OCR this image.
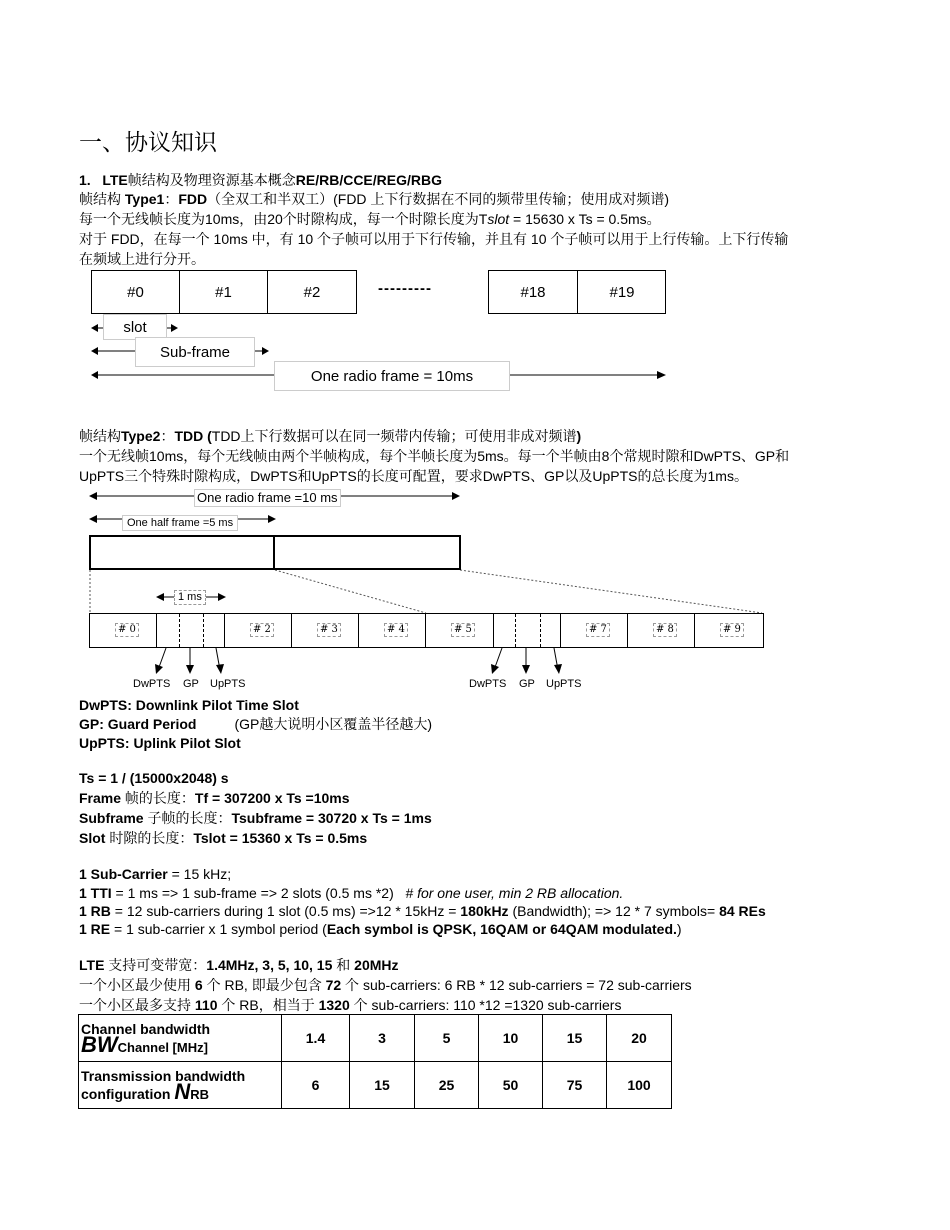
一、协议知识
1. LTE帧结构及物理资源基本概念RE/RB/CCE/REG/RBG
帧结构 Type1：FDD（全双工和半双工）(FDD 上下行数据在不同的频带里传输；使用成对频谱)
每一个无线帧长度为10ms，由20个时隙构成，每一个时隙长度为Tslot = 15630 x Ts = 0.5ms。
对于 FDD，在每一个 10ms 中，有 10 个子帧可以用于下行传输，并且有 10 个子帧可以用于上行传输。上下行传输
在频域上进行分开。
#0	#1	#2	---------	#18	#19
slot
Sub-frame
One radio frame = 10ms
帧结构Type2：TDD (TDD上下行数据可以在同一频带内传输；可使用非成对频谱)
一个无线帧10ms，每个无线帧由两个半帧构成，每个半帧长度为5ms。每一个半帧由8个常规时隙和DwPTS、GP和
UpPTS三个特殊时隙构成，DwPTS和UpPTS的长度可配置，要求DwPTS、GP以及UpPTS的总长度为1ms。
One radio frame =10 ms
One half frame =5 ms
1 ms
# 0	# 2	# 3	# 4	# 5	# 7	# 8	# 9
DwPTS GP UpPTS	DwPTS GP UpPTS
DwPTS: Downlink Pilot Time Slot
GP: Guard Period	(GP越大说明小区覆盖半径越大)
UpPTS: Uplink Pilot Slot
Ts = 1 / (15000x2048) s
Frame 帧的长度：Tf = 307200 x Ts =10ms
Subframe 子帧的长度：Tsubframe = 30720 x Ts = 1ms
Slot 时隙的长度：Tslot = 15360 x Ts = 0.5ms
1 Sub-Carrier = 15 kHz;
1 TTI = 1 ms => 1 sub-frame => 2 slots (0.5 ms *2)   # for one user, min 2 RB allocation.
1 RB = 12 sub-carriers during 1 slot (0.5 ms) =>12 * 15kHz = 180kHz (Bandwidth); => 12 * 7 symbols= 84 REs
1 RE = 1 sub-carrier x 1 symbol period (Each symbol is QPSK, 16QAM or 64QAM modulated.)
LTE 支持可变带宽：1.4MHz, 3, 5, 10, 15 和 20MHz
一个小区最少使用 6 个 RB, 即最少包含 72 个 sub-carriers: 6 RB * 12 sub-carriers = 72 sub-carriers
一个小区最多支持 110 个 RB，相当于 1320 个 sub-carriers: 110 *12 =1320 sub-carriers
Channel bandwidth
BWChannel [MHz]	1.4	3	5	10	15	20
Transmission bandwidth
configuration NRB	6	15	25	50	75	100
